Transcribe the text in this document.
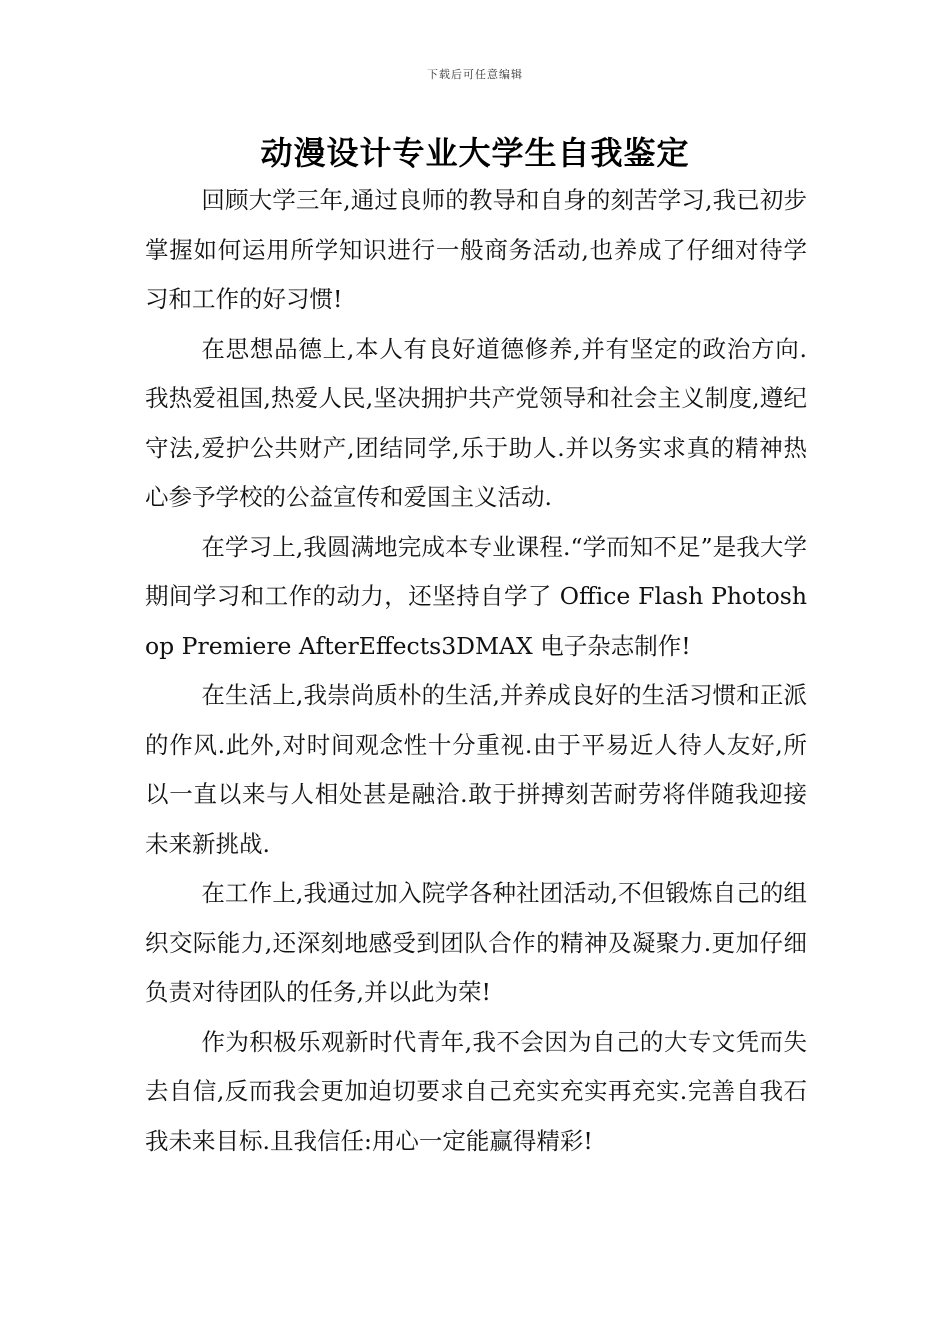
下载后可任意编辑
动漫设计专业大学生自我鉴定

回顾大学三年,通过良师的教导和自身的刻苦学习,我已初步掌握如何运用所学知识进行一般商务活动,也养成了仔细对待学习和工作的好习惯!

在思想品德上,本人有良好道德修养,并有坚定的政治方向.我热爱祖国,热爱人民,坚决拥护共产党领导和社会主义制度,遵纪守法,爱护公共财产,团结同学,乐于助人.并以务实求真的精神热心参予学校的公益宣传和爱国主义活动.

在学习上,我圆满地完成本专业课程.“学而知不足”是我大学期间学习和工作的动力，还坚持自学了 Office Flash Photoshop Premiere AfterEffects3DMAX 电子杂志制作!

在生活上,我崇尚质朴的生活,并养成良好的生活习惯和正派的作风.此外,对时间观念性十分重视.由于平易近人待人友好,所以一直以来与人相处甚是融洽.敢于拼搏刻苦耐劳将伴随我迎接未来新挑战.

在工作上,我通过加入院学各种社团活动,不但锻炼自己的组织交际能力,还深刻地感受到团队合作的精神及凝聚力.更加仔细负责对待团队的任务,并以此为荣!

作为积极乐观新时代青年,我不会因为自己的大专文凭而失去自信,反而我会更加迫切要求自己充实充实再充实.完善自我石我未来目标.且我信任:用心一定能赢得精彩!
